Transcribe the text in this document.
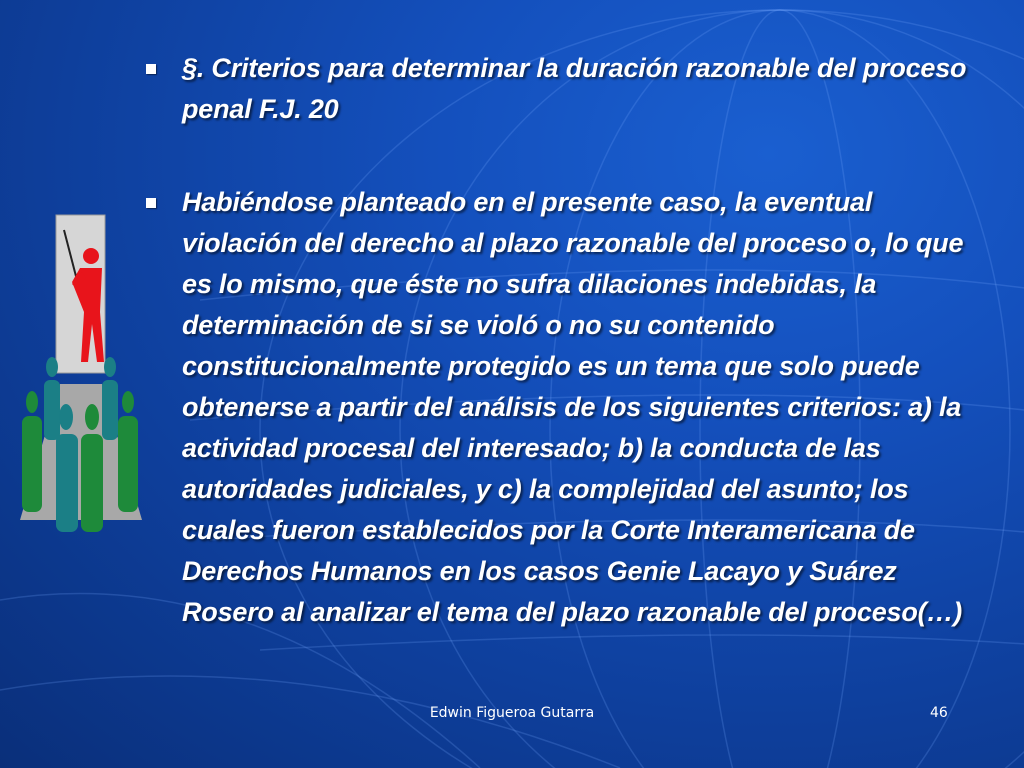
§. Criterios para determinar la duración razonable del proceso penal F.J. 20
Habiéndose planteado en el presente caso, la eventual violación del derecho al plazo razonable del proceso o, lo que es lo mismo, que éste no sufra dilaciones indebidas, la determinación de si se violó o no su contenido constitucionalmente protegido es un tema que solo puede obtenerse a partir del análisis de los siguientes criterios: a) la actividad procesal del interesado; b) la conducta de las autoridades judiciales, y c) la complejidad del asunto; los cuales fueron establecidos por la Corte Interamericana de Derechos Humanos en los casos Genie Lacayo y Suárez Rosero al analizar el tema del plazo razonable del proceso(…)
Edwin Figueroa Gutarra	46
